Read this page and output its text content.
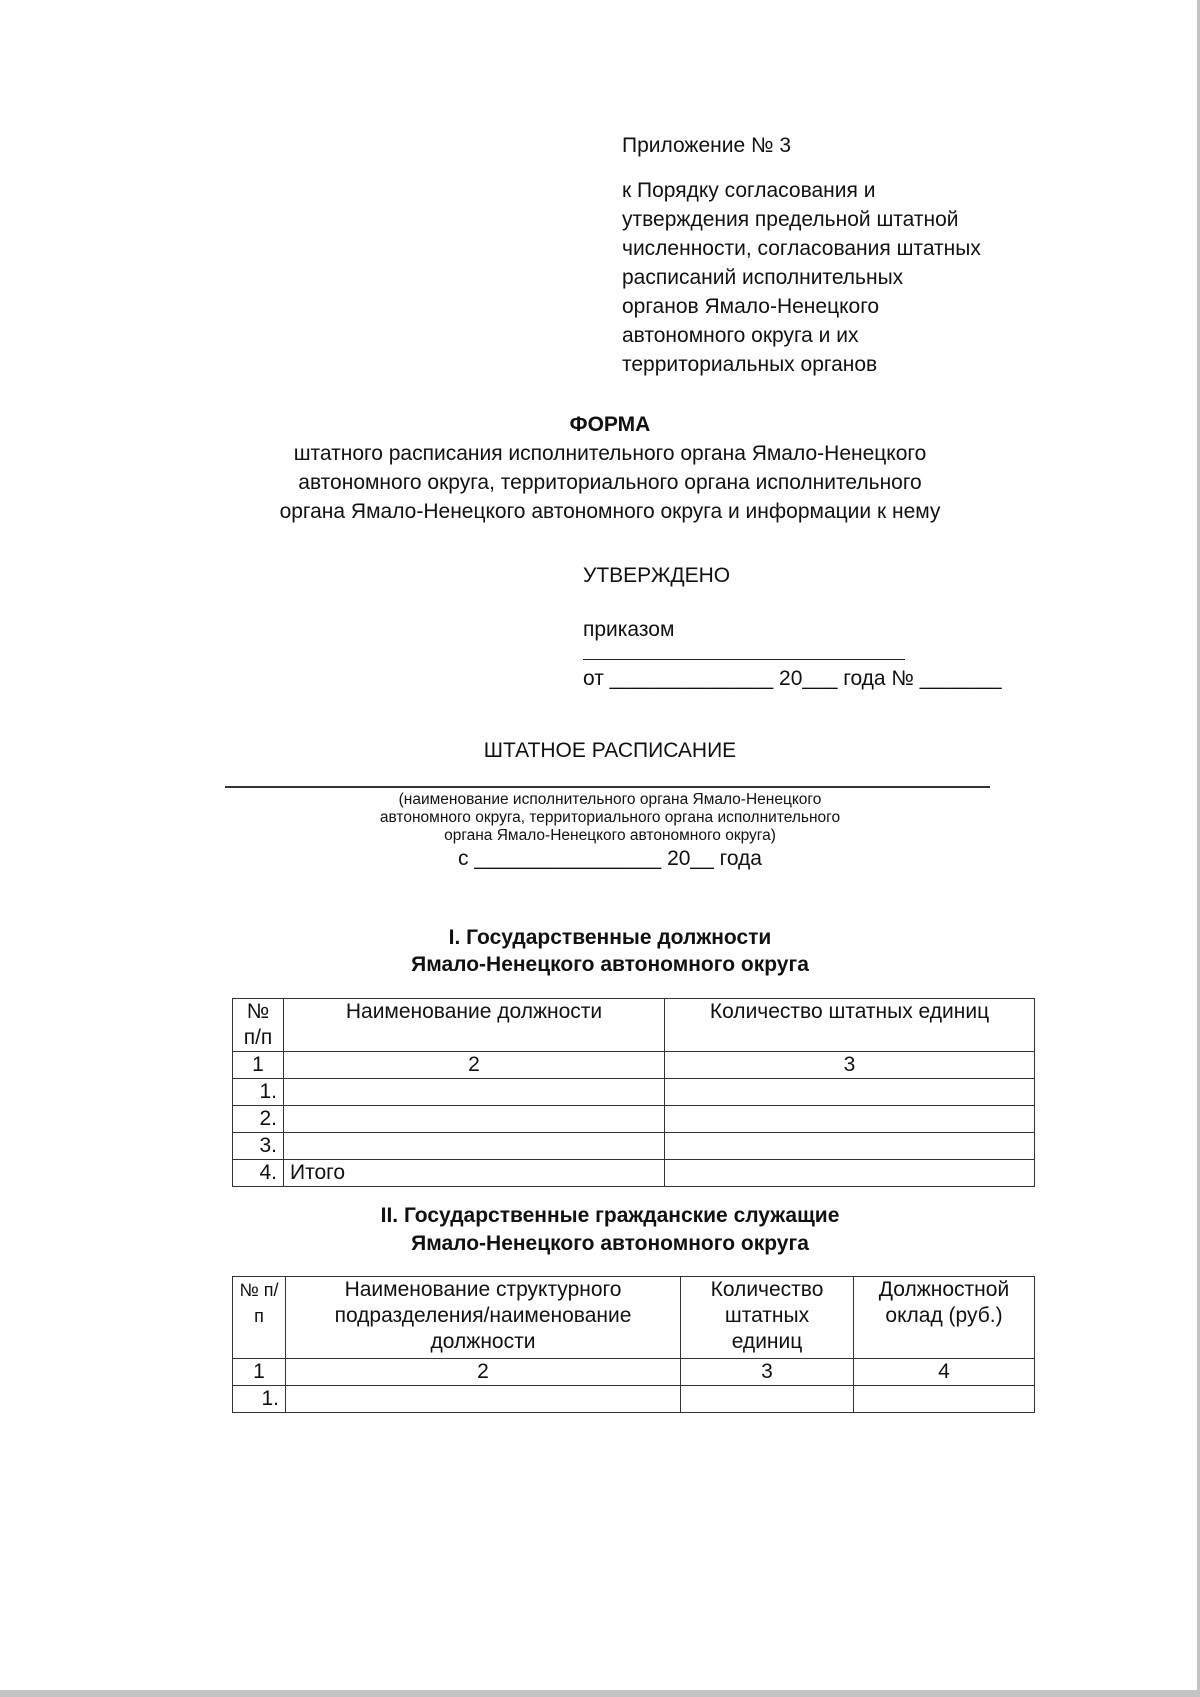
Приложение № 3
к Порядку согласования и
утверждения предельной штатной
численности, согласования штатных
расписаний исполнительных
органов Ямало-Ненецкого
автономного округа и их
территориальных органов
ФОРМА
штатного расписания исполнительного органа Ямало-Ненецкого
автономного округа, территориального органа исполнительного
органа Ямало-Ненецкого автономного округа и информации к нему
УТВЕРЖДЕНО
приказом
от ______________ 20___ года № _______
ШТАТНОЕ РАСПИСАНИЕ
(наименование исполнительного органа Ямало-Ненецкого
автономного округа, территориального органа исполнительного
органа Ямало-Ненецкого автономного округа)
с ________________ 20__ года
I. Государственные должности
Ямало-Ненецкого автономного округа
№ п/п	Наименование должности	Количество штатных единиц
1	2	3
1.		
2.		
3.		
4.	Итого	
II. Государственные гражданские служащие
Ямало-Ненецкого автономного округа
№ п/п	Наименование структурного подразделения/наименование должности	Количество штатных единиц	Должностной оклад (руб.)
1	2	3	4
1.			
